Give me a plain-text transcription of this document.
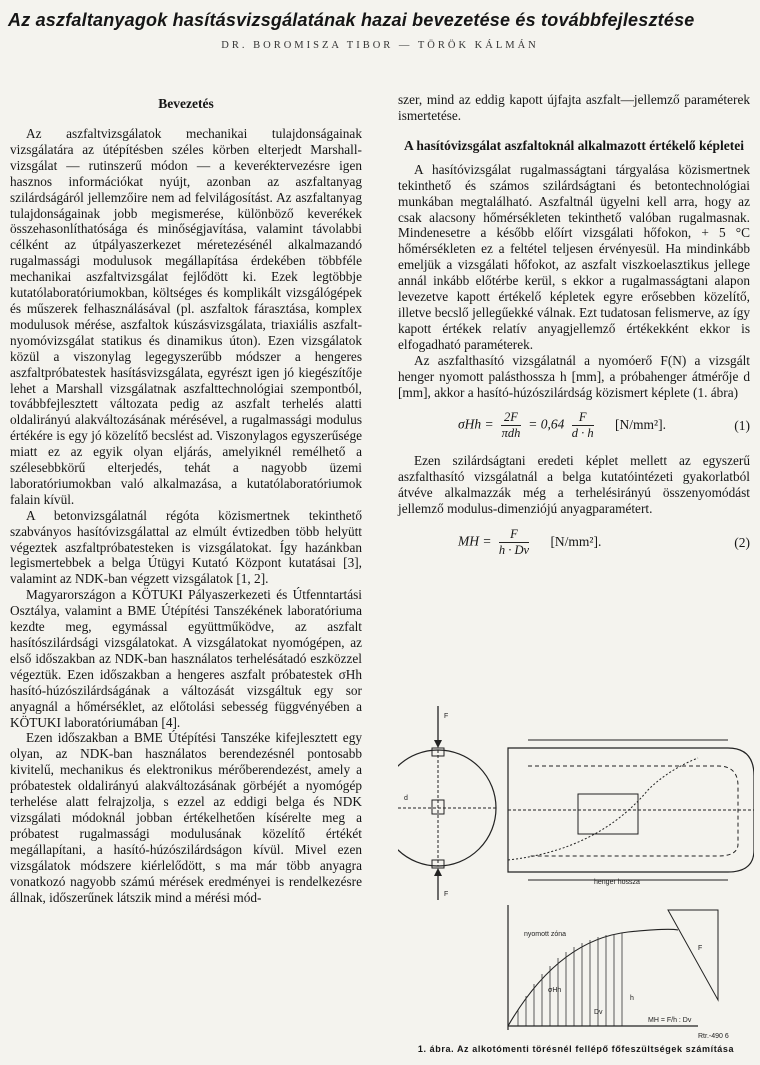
Az aszfaltanyagok hasításvizsgálatának hazai bevezetése és továbbfejlesztése

DR. BOROMISZA TIBOR — TÖRÖK KÁLMÁN

Bevezetés

Az aszfaltvizsgálatok mechanikai tulajdonságainak vizsgálatára az útépítésben széles körben elterjedt Marshall-vizsgálat — rutinszerű módon — a keveréktervezésre igen hasznos információkat nyújt, azonban az aszfaltanyag szilárdságáról jellemzőire nem ad felvilágosítást. Az aszfaltanyag tulajdonságainak jobb megismerése, különböző keverékek összehasonlíthatósága és minőségjavítása, valamint távolabbi célként az útpályaszerkezet méretezésénél alkalmazandó rugalmassági modulusok megállapítása érdekében többféle mechanikai aszfaltvizsgálat fejlődött ki. Ezek legtöbbje kutatólaboratóriumokban, költséges és komplikált vizsgálógépek és műszerek felhasználásával (pl. aszfaltok fárasztása, komplex modulusok mérése, aszfaltok kúszásvizsgálata, triaxiális aszfalt-nyomóvizsgálat statikus és dinamikus úton). Ezen vizsgálatok közül a viszonylag legegyszerűbb módszer a hengeres aszfaltpróbatestek hasításvizsgálata, egyrészt igen jó kiegészítője lehet a Marshall vizsgálatnak aszfalttechnológiai szempontból, továbbfejlesztett változata pedig az aszfalt terhelés alatti oldalirányú alakváltozásának mérésével, a rugalmassági modulus értékére is egy jó közelítő becslést ad. Viszonylagos egyszerűsége miatt ez az egyik olyan eljárás, amelyiknél remélhető a szélesebbkörű elterjedés, tehát a nagyobb üzemi laboratóriumokban való alkalmazása, a kutatólaboratóriumok falain kívül.

A betonvizsgálatnál régóta közismertnek tekinthető szabványos hasítóvizsgálattal az elmúlt évtizedben több helyütt végeztek aszfaltpróbatesteken is vizsgálatokat. Így hazánkban legismertebbek a belga Útügyi Kutató Központ kutatásai [3], valamint az NDK-ban végzett vizsgálatok [1, 2].

Magyarországon a KÖTUKI Pályaszerkezeti és Útfenntartási Osztálya, valamint a BME Útépítési Tanszékének laboratóriuma kezdte meg, egymással együttműködve, az aszfalt hasítószilárdsági vizsgálatokat. A vizsgálatokat nyomógépen, az első időszakban az NDK-ban használatos terhelésátadó eszközzel végeztük. Ezen időszakban a hengeres aszfalt próbatestek σHh hasító-húzószilárdságának a változását vizsgáltuk egy sor anyagnál a hőmérséklet, az előtolási sebesség függvényében a KÖTUKI laboratóriumában [4].

Ezen időszakban a BME Útépítési Tanszéke kifejlesztett egy olyan, az NDK-ban használatos berendezésnél pontosabb kivitelű, mechanikus és elektronikus mérőberendezést, amely a próbatestek oldalirányú alakváltozásának görbéjét a nyomógép terhelése alatt felrajzolja, s ezzel az eddigi belga és NDK vizsgálati módoknál jobban értékelhetően kísérelte meg a próbatest rugalmassági modulusának közelítő értékét megállapítani, a hasító-húzószilárdságon kívül. Mivel ezen vizsgálatok módszere kiérlelődött, s ma már több anyagra vonatkozó nagyobb számú mérések eredményei is rendelkezésre állnak, időszerűnek látszik mind a mérési mód-

szer, mind az eddig kapott újfajta aszfalt—jellemző paraméterek ismertetése.

A hasítóvizsgálat aszfaltoknál alkalmazott értékelő képletei

A hasítóvizsgálat rugalmasságtani tárgyalása közismertnek tekinthető és számos szilárdságtani és betontechnológiai munkában megtalálható. Aszfaltnál ügyelni kell arra, hogy az csak alacsony hőmérsékleten tekinthető valóban rugalmasnak. Mindenesetre a később előírt vizsgálati hőfokon, + 5 °C hőmérsékleten ez a feltétel teljesen érvényesül. Ha mindinkább emeljük a vizsgálati hőfokot, az aszfalt viszkoelasztikus jellege annál inkább előtérbe kerül, s ekkor a rugalmasságtani alapon levezetve kapott értékelő képletek egyre erősebben közelítő, illetve becslő jellegűekké válnak. Ezt tudatosan felismerve, az így kapott értékek relatív anyagjellemző értékekként ekkor is elfogadható paraméterek.

Az aszfalthasító vizsgálatnál a nyomóerő F(N) a vizsgált henger nyomott palásthossza h [mm], a próbahenger átmérője d [mm], akkor a hasító-húzószilárdság közismert képlete (1. ábra)

$\sigma Hh = \frac{2F}{\text{πdh}} = 0,64 \frac{F}{d \cdot h} [N/mm^2]$.	(1)

Ezen szilárdságtani eredeti képlet mellett az egyszerű aszfalthasító vizsgálatnál a belga kutatóintézeti gyakorlatból átvéve alkalmazzák még a terhelésirányú összenyomódást jellemző modulus-dimenziójú anyagparamétert.

MH = $\frac{F}{h \cdot Dv} [N/mm^2]$.	(2)
F
d
F
henger hossza
nyomott zóna
σHh
F
h
Dv
MH = F/h : Dv
Rtr.-490 6
1. ábra. Az alkotómenti törésnél fellépő főfeszültségek számítása
